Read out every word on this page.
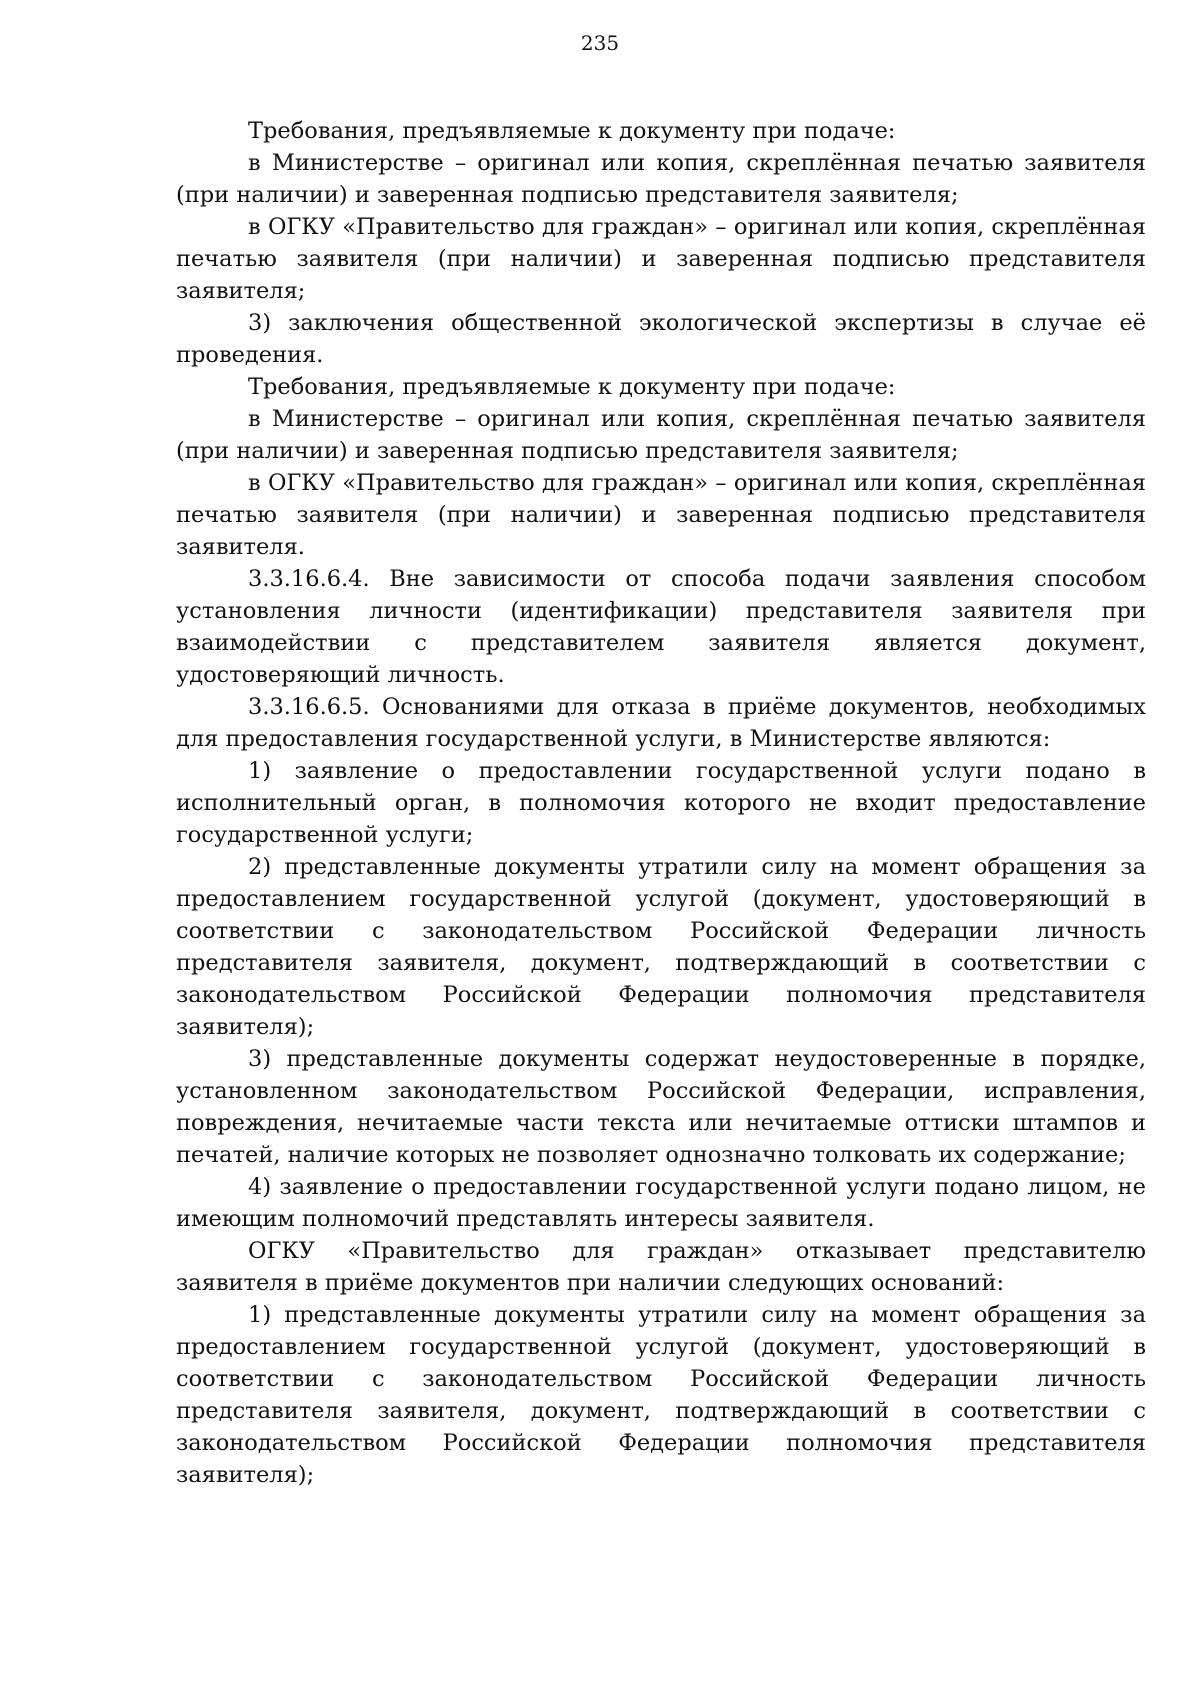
235

Требования, предъявляемые к документу при подаче:

в Министерстве – оригинал или копия, скреплённая печатью заявителя (при наличии) и заверенная подписью представителя заявителя;

в ОГКУ «Правительство для граждан» – оригинал или копия, скреплённая печатью заявителя (при наличии) и заверенная подписью представителя заявителя;

3) заключения общественной экологической экспертизы в случае её проведения.

Требования, предъявляемые к документу при подаче:

в Министерстве – оригинал или копия, скреплённая печатью заявителя (при наличии) и заверенная подписью представителя заявителя;

в ОГКУ «Правительство для граждан» – оригинал или копия, скреплённая печатью заявителя (при наличии) и заверенная подписью представителя заявителя.

3.3.16.6.4. Вне зависимости от способа подачи заявления способом установления личности (идентификации) представителя заявителя при взаимодействии с представителем заявителя является документ, удостоверяющий личность.

3.3.16.6.5. Основаниями для отказа в приёме документов, необходимых для предоставления государственной услуги, в Министерстве являются:

1) заявление о предоставлении государственной услуги подано в исполнительный орган, в полномочия которого не входит предоставление государственной услуги;

2) представленные документы утратили силу на момент обращения за предоставлением государственной услугой (документ, удостоверяющий в соответствии с законодательством Российской Федерации личность представителя заявителя, документ, подтверждающий в соответствии с законодательством Российской Федерации полномочия представителя заявителя);

3) представленные документы содержат неудостоверенные в порядке, установленном законодательством Российской Федерации, исправления, повреждения, нечитаемые части текста или нечитаемые оттиски штампов и печатей, наличие которых не позволяет однозначно толковать их содержание;

4) заявление о предоставлении государственной услуги подано лицом, не имеющим полномочий представлять интересы заявителя.

ОГКУ «Правительство для граждан» отказывает представителю заявителя в приёме документов при наличии следующих оснований:

1) представленные документы утратили силу на момент обращения за предоставлением государственной услугой (документ, удостоверяющий в соответствии с законодательством Российской Федерации личность представителя заявителя, документ, подтверждающий в соответствии с законодательством Российской Федерации полномочия представителя заявителя);
